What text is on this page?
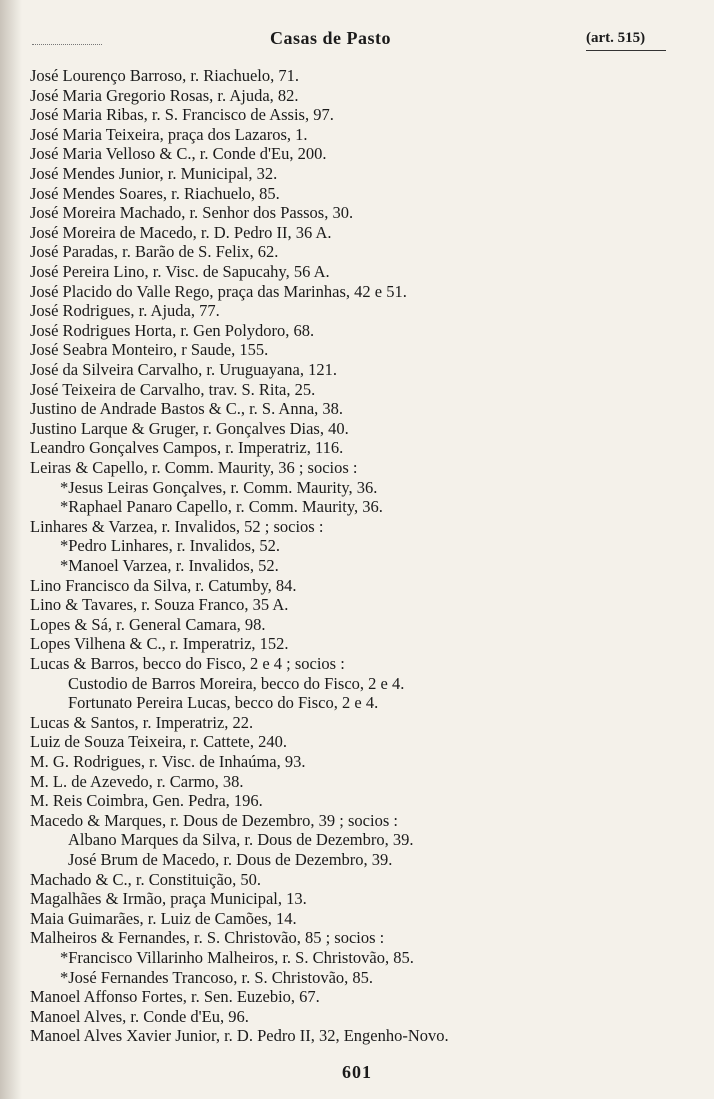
Casas de Pasto	(art. 515)
José Lourenço Barroso, r. Riachuelo, 71.
José Maria Gregorio Rosas, r. Ajuda, 82.
José Maria Ribas, r. S. Francisco de Assis, 97.
José Maria Teixeira, praça dos Lazaros, 1.
José Maria Velloso & C., r. Conde d'Eu, 200.
José Mendes Junior, r. Municipal, 32.
José Mendes Soares, r. Riachuelo, 85.
José Moreira Machado, r. Senhor dos Passos, 30.
José Moreira de Macedo, r. D. Pedro II, 36 A.
José Paradas, r. Barão de S. Felix, 62.
José Pereira Lino, r. Visc. de Sapucahy, 56 A.
José Placido do Valle Rego, praça das Marinhas, 42 e 51.
José Rodrigues, r. Ajuda, 77.
José Rodrigues Horta, r. Gen Polydoro, 68.
José Seabra Monteiro, r Saude, 155.
José da Silveira Carvalho, r. Uruguayana, 121.
José Teixeira de Carvalho, trav. S. Rita, 25.
Justino de Andrade Bastos & C., r. S. Anna, 38.
Justino Larque & Gruger, r. Gonçalves Dias, 40.
Leandro Gonçalves Campos, r. Imperatriz, 116.
Leiras & Capello, r. Comm. Maurity, 36 ; socios :
*Jesus Leiras Gonçalves, r. Comm. Maurity, 36.
*Raphael Panaro Capello, r. Comm. Maurity, 36.
Linhares & Varzea, r. Invalidos, 52 ; socios :
*Pedro Linhares, r. Invalidos, 52.
*Manoel Varzea, r. Invalidos, 52.
Lino Francisco da Silva, r. Catumby, 84.
Lino & Tavares, r. Souza Franco, 35 A.
Lopes & Sá, r. General Camara, 98.
Lopes Vilhena & C., r. Imperatriz, 152.
Lucas & Barros, becco do Fisco, 2 e 4 ; socios :
Custodio de Barros Moreira, becco do Fisco, 2 e 4.
Fortunato Pereira Lucas, becco do Fisco, 2 e 4.
Lucas & Santos, r. Imperatriz, 22.
Luiz de Souza Teixeira, r. Cattete, 240.
M. G. Rodrigues, r. Visc. de Inhaúma, 93.
M. L. de Azevedo, r. Carmo, 38.
M. Reis Coimbra, Gen. Pedra, 196.
Macedo & Marques, r. Dous de Dezembro, 39 ; socios :
Albano Marques da Silva, r. Dous de Dezembro, 39.
José Brum de Macedo, r. Dous de Dezembro, 39.
Machado & C., r. Constituição, 50.
Magalhães & Irmão, praça Municipal, 13.
Maia Guimarães, r. Luiz de Camões, 14.
Malheiros & Fernandes, r. S. Christovão, 85 ; socios :
*Francisco Villarinho Malheiros, r. S. Christovão, 85.
*José Fernandes Trancoso, r. S. Christovão, 85.
Manoel Affonso Fortes, r. Sen. Euzebio, 67.
Manoel Alves, r. Conde d'Eu, 96.
Manoel Alves Xavier Junior, r. D. Pedro II, 32, Engenho-Novo.
601
